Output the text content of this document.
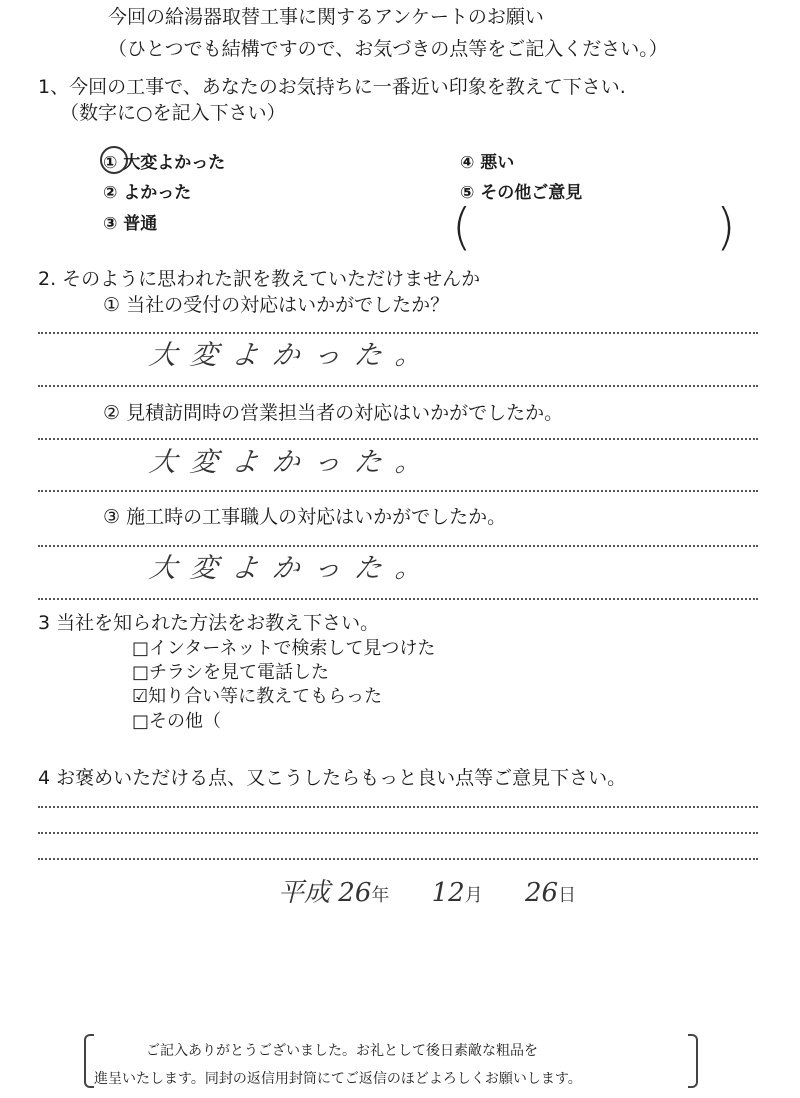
今回の給湯器取替工事に関するアンケートのお願い
（ひとつでも結構ですので、お気づきの点等をご記入ください。）
1、今回の工事で、あなたのお気持ちに一番近い印象を教えて下さい.
（数字に○を記入下さい）
① 大変よかった
② よかった
③ 普通
④ 悪い
⑤ その他ご意見
(	)
2. そのように思われた訳を教えていただけませんか
① 当社の受付の対応はいかがでしたか？
大変よかった。
② 見積訪問時の営業担当者の対応はいかがでしたか。
大変よかった。
③ 施工時の工事職人の対応はいかがでしたか。
大変よかった。
3 当社を知られた方法をお教え下さい。
□インターネットで検索して見つけた
□チラシを見て電話した
☑知り合い等に教えてもらった
□その他（
4 お褒めいただける点、又こうしたらもっと良い点等ご意見下さい。
平成 26年 12月 26日
ご記入ありがとうございました。お礼として後日素敵な粗品を
進呈いたします。同封の返信用封筒にてご返信のほどよろしくお願いします。
